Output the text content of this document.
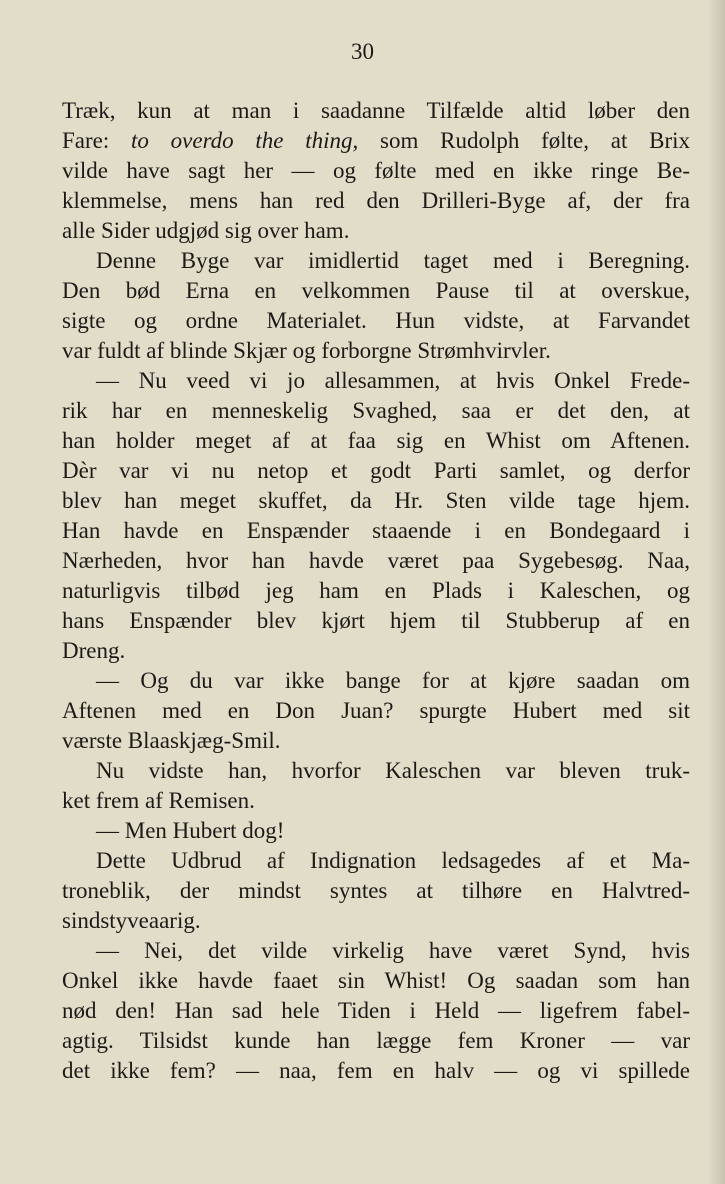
30
Træk, kun at man i saadanne Tilfælde altid løber den
Fare: to overdo the thing, som Rudolph følte, at Brix
vilde have sagt her — og følte med en ikke ringe Be-
klemmelse, mens han red den Drilleri-Byge af, der fra
alle Sider udgjød sig over ham.
Denne Byge var imidlertid taget med i Beregning.
Den bød Erna en velkommen Pause til at overskue,
sigte og ordne Materialet. Hun vidste, at Farvandet
var fuldt af blinde Skjær og forborgne Strømhvirvler.
— Nu veed vi jo allesammen, at hvis Onkel Frede-
rik har en menneskelig Svaghed, saa er det den, at
han holder meget af at faa sig en Whist om Aftenen.
Dèr var vi nu netop et godt Parti samlet, og derfor
blev han meget skuffet, da Hr. Sten vilde tage hjem.
Han havde en Enspænder staaende i en Bondegaard i
Nærheden, hvor han havde været paa Sygebesøg. Naa,
naturligvis tilbød jeg ham en Plads i Kaleschen, og
hans Enspænder blev kjørt hjem til Stubberup af en
Dreng.
— Og du var ikke bange for at kjøre saadan om
Aftenen med en Don Juan? spurgte Hubert med sit
værste Blaaskjæg-Smil.
Nu vidste han, hvorfor Kaleschen var bleven truk-
ket frem af Remisen.
— Men Hubert dog!
Dette Udbrud af Indignation ledsagedes af et Ma-
troneblik, der mindst syntes at tilhøre en Halvtred-
sindstyveaarig.
— Nei, det vilde virkelig have været Synd, hvis
Onkel ikke havde faaet sin Whist! Og saadan som han
nød den! Han sad hele Tiden i Held — ligefrem fabel-
agtig. Tilsidst kunde han lægge fem Kroner — var
det ikke fem? — naa, fem en halv — og vi spillede
